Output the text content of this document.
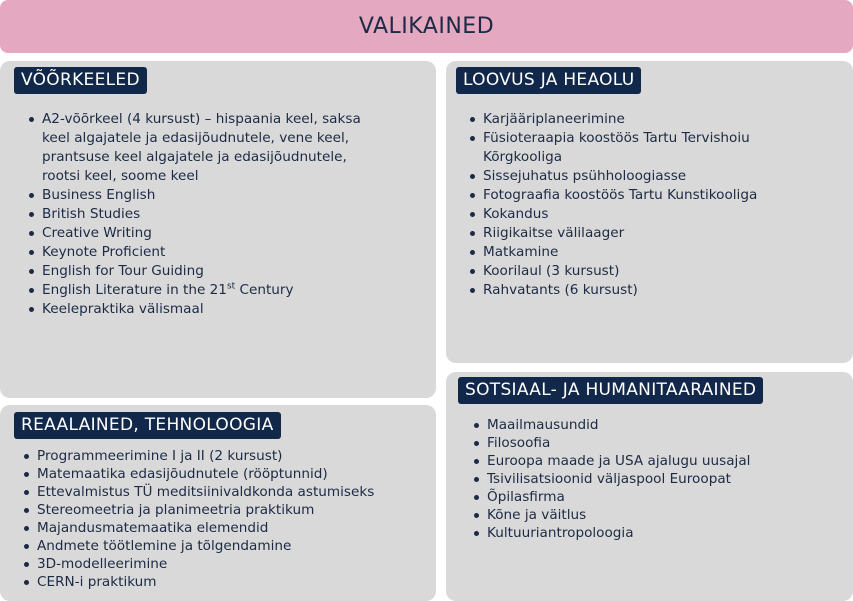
VALIKAINED
VÕÕRKEELED
A2-võõrkeel (4 kursust) – hispaania keel, saksa keel algajatele ja edasijõudnutele, vene keel, prantsuse keel algajatele ja edasijõudnutele, rootsi keel, soome keel
Business English
British Studies
Creative Writing
Keynote Proficient
English for Tour Guiding
English Literature in the 21st Century
Keelepraktika välismaal
LOOVUS JA HEAOLU
Karjääriplaneerimine
Füsioteraapia koostöös Tartu Tervishoiu Kõrgkooliga
Sissejuhatus psühholoogiasse
Fotograafia koostöös Tartu Kunstikooliga
Kokandus
Riigikaitse välilaager
Matkamine
Koorilaul (3 kursust)
Rahvatants (6 kursust)
REAALAINED, TEHNOLOOGIA
Programmeerimine I ja II (2 kursust)
Matemaatika edasijõudnutele (rööptunnid)
Ettevalmistus TÜ meditsiinivaldkonda astumiseks
Stereomeetria ja planimeetria praktikum
Majandusmatemaatika elemendid
Andmete töötlemine ja tõlgendamine
3D-modelleerimine
CERN-i praktikum
SOTSIAAL- JA HUMANITAARAINED
Maailmausundid
Filosoofia
Euroopa maade ja USA ajalugu uusajal
Tsivilisatsioonid väljaspool Euroopat
Õpilasfirma
Kõne ja väitlus
Kultuuriantropoloogia
